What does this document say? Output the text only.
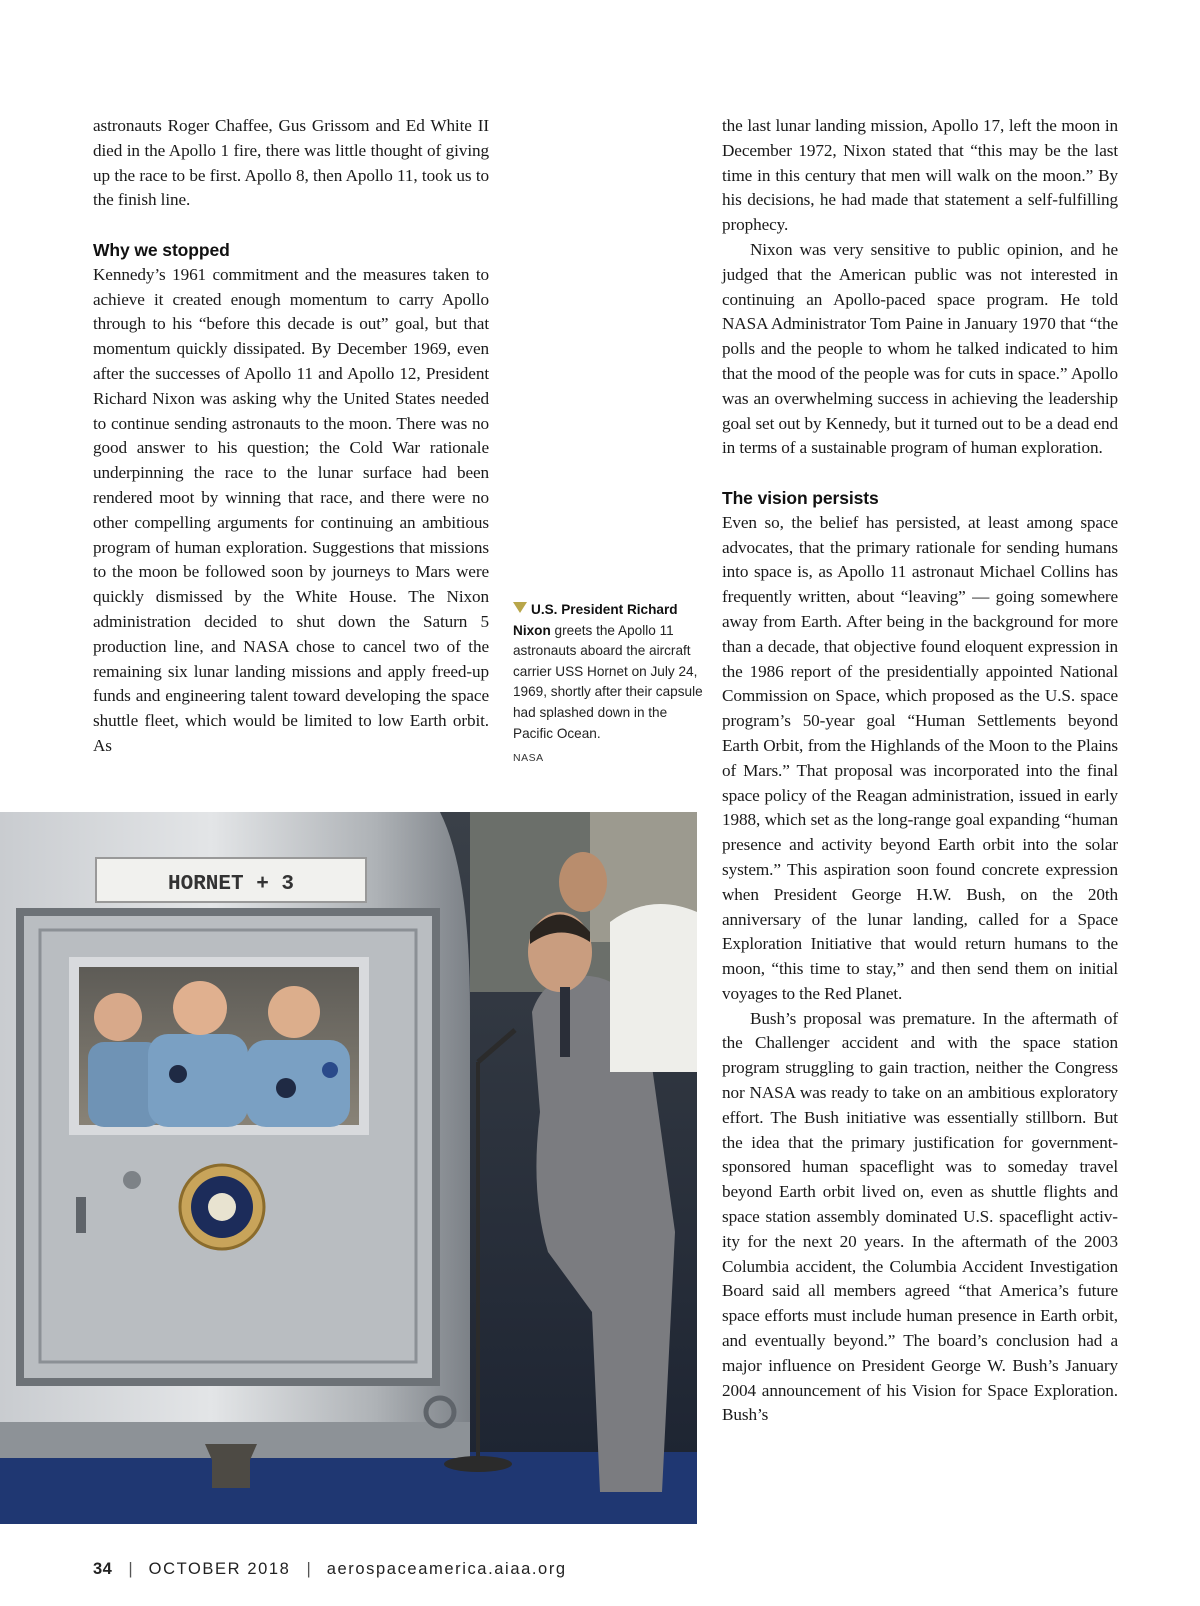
astronauts Roger Chaffee, Gus Grissom and Ed White II died in the Apollo 1 fire, there was little thought of giving up the race to be first. Apollo 8, then Apollo 11, took us to the finish line.

Why we stopped

Kennedy’s 1961 commitment and the measures taken to achieve it created enough momentum to carry Apollo through to his “before this decade is out” goal, but that momentum quickly dissipated. By December 1969, even after the successes of Apollo 11 and Apollo 12, President Richard Nixon was asking why the United States needed to continue sending astronauts to the moon. There was no good answer to his question; the Cold War rationale underpinning the race to the lunar surface had been rendered moot by winning that race, and there were no other compelling arguments for continuing an ambitious program of human exploration. Suggestions that missions to the moon be followed soon by journeys to Mars were quickly dismissed by the White House. The Nixon administration decided to shut down the Saturn 5 production line, and NASA chose to cancel two of the remaining six lunar landing missions and apply freed-up funds and engineering talent toward developing the space shuttle fleet, which would be limited to low Earth orbit. As

U.S. President Richard Nixon greets the Apollo 11 astronauts aboard the aircraft carrier USS Hornet on July 24, 1969, shortly after their capsule had splashed down in the Pacific Ocean.
NASA

the last lunar landing mission, Apollo 17, left the moon in December 1972, Nixon stated that “this may be the last time in this century that men will walk on the moon.” By his decisions, he had made that statement a self-fulfilling prophecy.

Nixon was very sensitive to public opinion, and he judged that the American public was not interested in continuing an Apollo-paced space program. He told NASA Administrator Tom Paine in January 1970 that “the polls and the people to whom he talked indicated to him that the mood of the people was for cuts in space.” Apollo was an overwhelming success in achieving the leadership goal set out by Kennedy, but it turned out to be a dead end in terms of a sustainable program of human exploration.

The vision persists

Even so, the belief has persisted, at least among space advocates, that the primary rationale for sending humans into space is, as Apollo 11 astronaut Michael Collins has frequently written, about “leaving” — going somewhere away from Earth. After being in the background for more than a decade, that objective found eloquent expression in the 1986 report of the presidentially appointed National Commission on Space, which proposed as the U.S. space program’s 50-year goal “Human Settlements beyond Earth Orbit, from the Highlands of the Moon to the Plains of Mars.” That proposal was incorporated into the final space policy of the Reagan administration, issued in early 1988, which set as the long-range goal expanding “human presence and activity beyond Earth orbit into the solar system.” This aspiration soon found concrete expression when President George H.W. Bush, on the 20th anniversary of the lunar landing, called for a Space Exploration Initiative that would return humans to the moon, “this time to stay,” and then send them on initial voyages to the Red Planet.

Bush’s proposal was premature. In the aftermath of the Challenger accident and with the space station program struggling to gain traction, neither the Congress nor NASA was ready to take on an ambitious exploratory effort. The Bush initiative was essentially stillborn. But the idea that the primary justification for government-sponsored human spaceflight was to someday travel beyond Earth orbit lived on, even as shuttle flights and space station assembly dominated U.S. spaceflight activity for the next 20 years. In the aftermath of the 2003 Columbia accident, the Columbia Accident Investigation Board said all members agreed “that America’s future space efforts must include human presence in Earth orbit, and eventually beyond.” The board’s conclusion had a major influence on President George W. Bush’s January 2004 announcement of his Vision for Space Exploration. Bush’s

HORNET + 3
34 | OCTOBER 2018 | aerospaceamerica.aiaa.org
